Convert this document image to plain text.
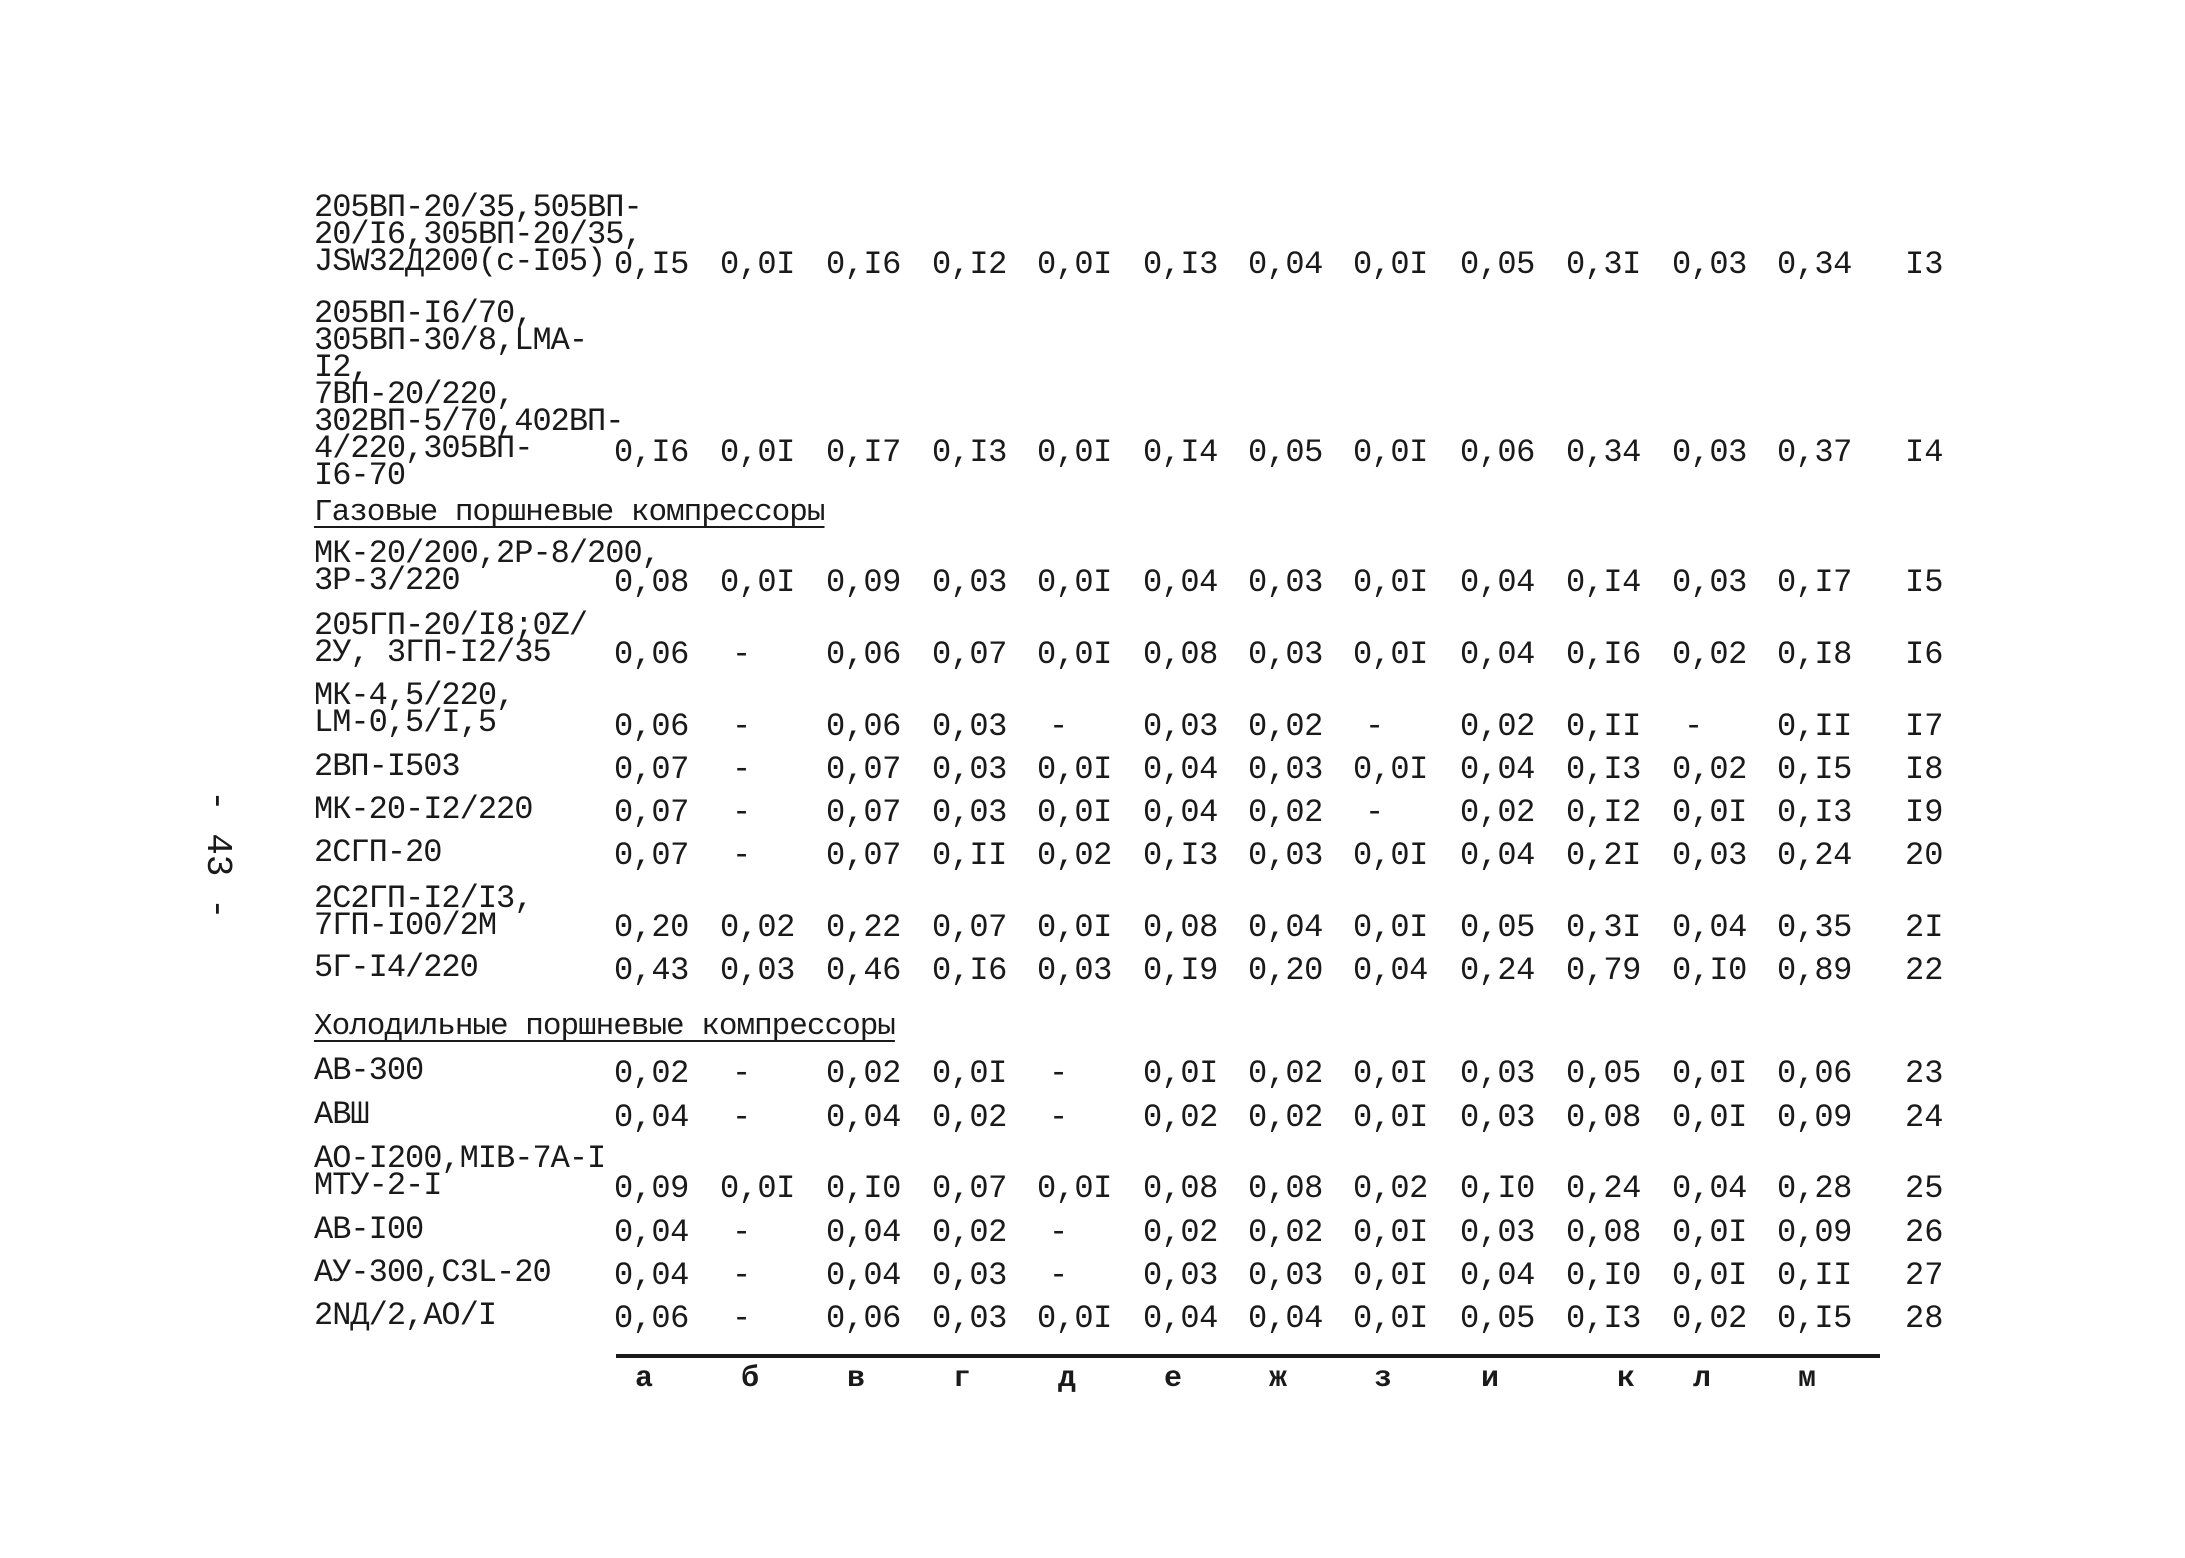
- 43 -
205ВП-20/35,505ВП-
20/I6,305ВП-20/35,
JSW32Д200(с-I05) 0,I5 0,0I 0,I6 0,I2 0,0I 0,I3 0,04 0,0I	0,05 0,3I 0,03 0,34	I3
205ВП-I6/70,
305ВП-30/8,LМА-I2,
7ВП-20/220,
302ВП-5/70,402ВП-
4/220,305ВП-
I6-70
0,I6 0,0I 0,I7 0,I3 0,0I 0,I4 0,05 0,0I	0,06 0,34 0,03 0,37	I4
Газовые поршневые компрессоры
МК-20/200,2Р-8/200,
3Р-3/220	0,08 0,0I 0,09 0,03 0,0I 0,04 0,03 0,0I	0,04 0,I4 0,03 0,I7	I5
205ГП-20/I8;0Z/
2У, 3ГП-I2/35	0,06	-	0,06 0,07 0,0I 0,08 0,03 0,0I	0,04 0,I6 0,02 0,I8	I6
МК-4,5/220,
LМ-0,5/I,5	0,06	-	0,06 0,03	-	0,03 0,02	-	0,02 0,II	-	0,II	I7
2ВП-I503	0,07	-	0,07 0,03 0,0I 0,04 0,03 0,0I	0,04 0,I3 0,02 0,I5	I8
МК-20-I2/220	0,07	-	0,07 0,03 0,0I 0,04 0,02	-	0,02 0,I2 0,0I 0,I3	I9
2СГП-20	0,07	-	0,07 0,II 0,02 0,I3 0,03 0,0I	0,04 0,2I 0,03 0,24	20
2С2ГП-I2/I3,
7ГП-I00/2М	0,20 0,02 0,22 0,07 0,0I 0,08 0,04 0,0I	0,05 0,3I 0,04 0,35	2I
5Г-I4/220	0,43 0,03 0,46 0,I6 0,03 0,I9 0,20 0,04	0,24 0,79 0,I0 0,89	22
Холодильные поршневые компрессоры
АВ-300	0,02	-	0,02 0,0I	-	0,0I 0,02 0,0I	0,03 0,05 0,0I 0,06	23
АВШ	0,04	-	0,04 0,02	-	0,02 0,02 0,0I	0,03 0,08 0,0I 0,09	24
АО-I200,МIВ-7А-I
МТУ-2-I	0,09 0,0I 0,I0 0,07 0,0I 0,08 0,08 0,02	0,I0 0,24 0,04 0,28	25
АВ-I00	0,04	-	0,04 0,02	-	0,02 0,02 0,0I	0,03 0,08 0,0I 0,09	26
АУ-300,С3L-20	0,04	-	0,04 0,03	-	0,03 0,03 0,0I	0,04 0,I0 0,0I 0,II	27
2NД/2,АО/I	0,06	-	0,06 0,03 0,0I 0,04 0,04 0,0I	0,05 0,I3 0,02 0,I5	28
а	б	в	г	д	е	ж	з	и	к	л	м
